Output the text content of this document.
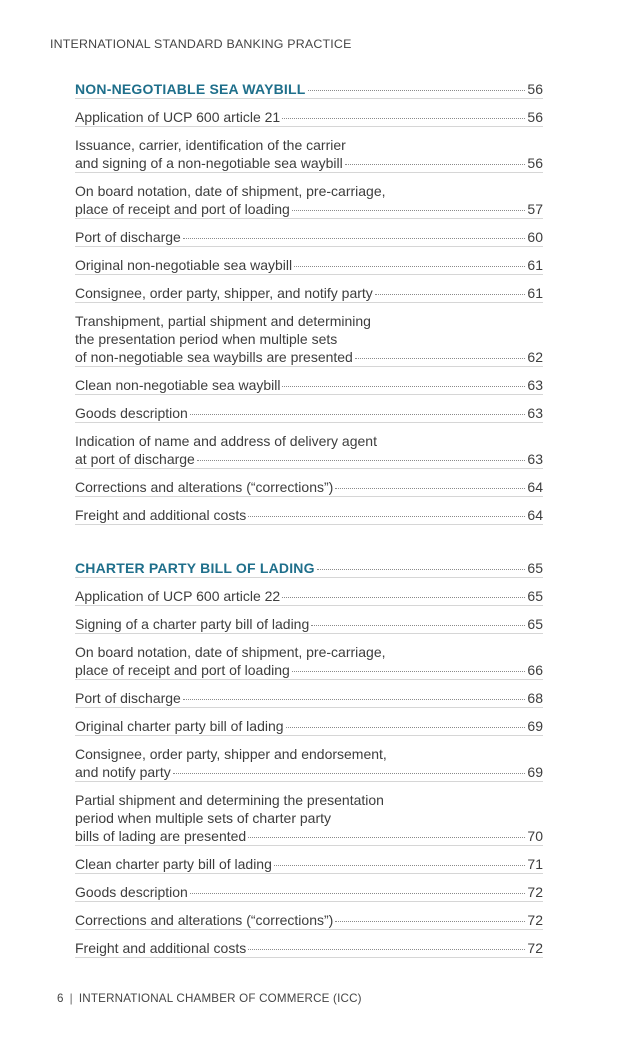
INTERNATIONAL STANDARD BANKING PRACTICE
NON-NEGOTIABLE SEA WAYBILL	56
Application of UCP 600 article 21	56
Issuance, carrier, identification of the carrier
and signing of a non-negotiable sea waybill	56
On board notation, date of shipment, pre-carriage,
place of receipt and port of loading	57
Port of discharge	60
Original non-negotiable sea waybill	61
Consignee, order party, shipper, and notify party	61
Transhipment, partial shipment and determining
the presentation period when multiple sets
of non-negotiable sea waybills are presented	62
Clean non-negotiable sea waybill	63
Goods description	63
Indication of name and address of delivery agent
at port of discharge	63
Corrections and alterations (“corrections”)	64
Freight and additional costs	64
CHARTER PARTY BILL OF LADING	65
Application of UCP 600 article 22	65
Signing of a charter party bill of lading	65
On board notation, date of shipment, pre-carriage,
place of receipt and port of loading	66
Port of discharge	68
Original charter party bill of lading	69
Consignee, order party, shipper and endorsement,
and notify party	69
Partial shipment and determining the presentation
period when multiple sets of charter party
bills of lading are presented	70
Clean charter party bill of lading	71
Goods description	72
Corrections and alterations (“corrections”)	72
Freight and additional costs	72
6 | INTERNATIONAL CHAMBER OF COMMERCE (ICC)
